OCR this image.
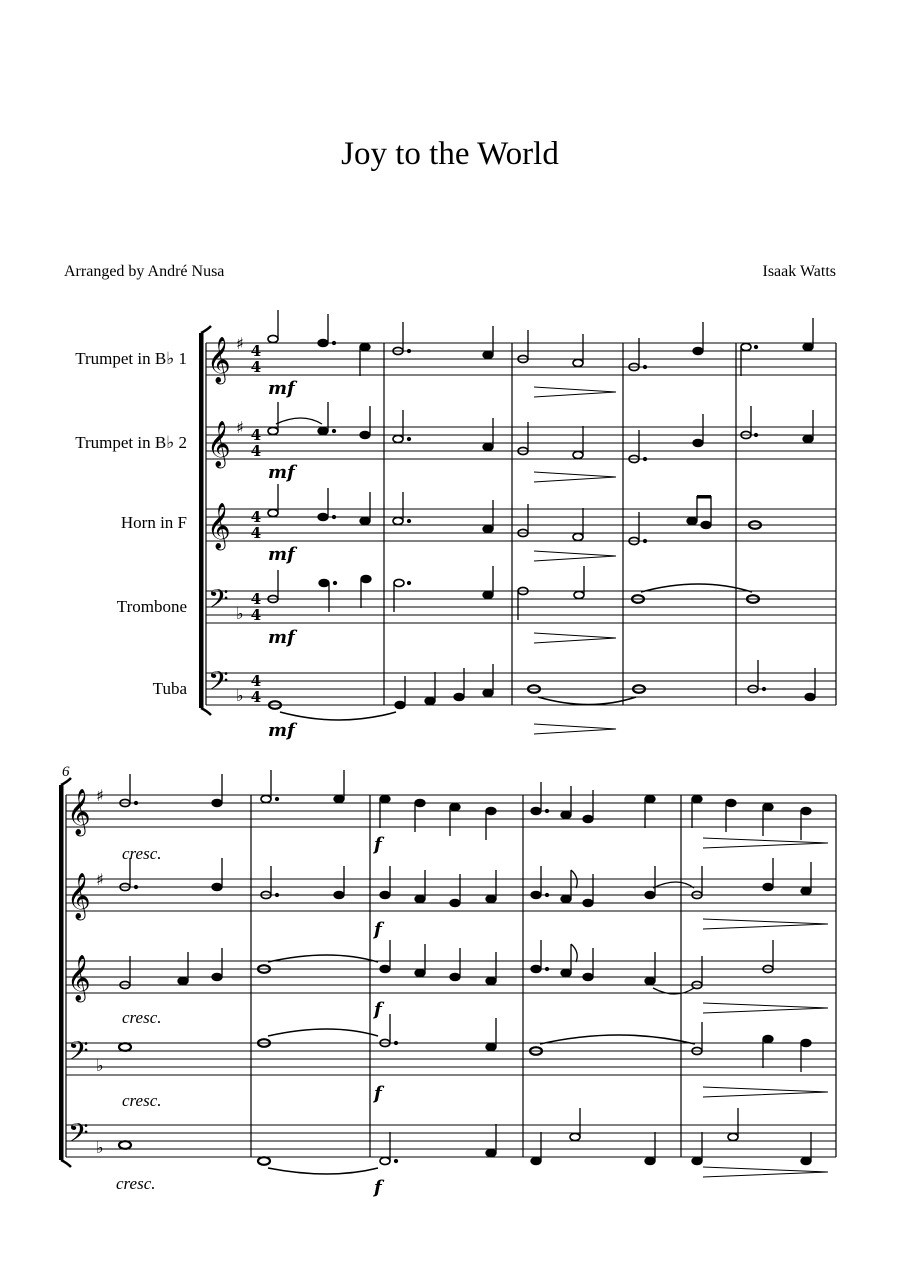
Joy to the World
Arranged by André Nusa	Isaak Watts
Trumpet in B♭ 1
Trumpet in B♭ 2
Horn in F
Trombone
Tuba
𝄞
𝄞
𝄞
𝄢
𝄢
♯
♯
♭
♭
4
4
4
4
4
4
4
4
4
4
mf
mf
mf
mf
mf
6
𝄞
𝄞
𝄞
𝄢
𝄢
♯
♯
♭
♭
cresc.
cresc.
cresc.
cresc.
f
f
f
f
f
